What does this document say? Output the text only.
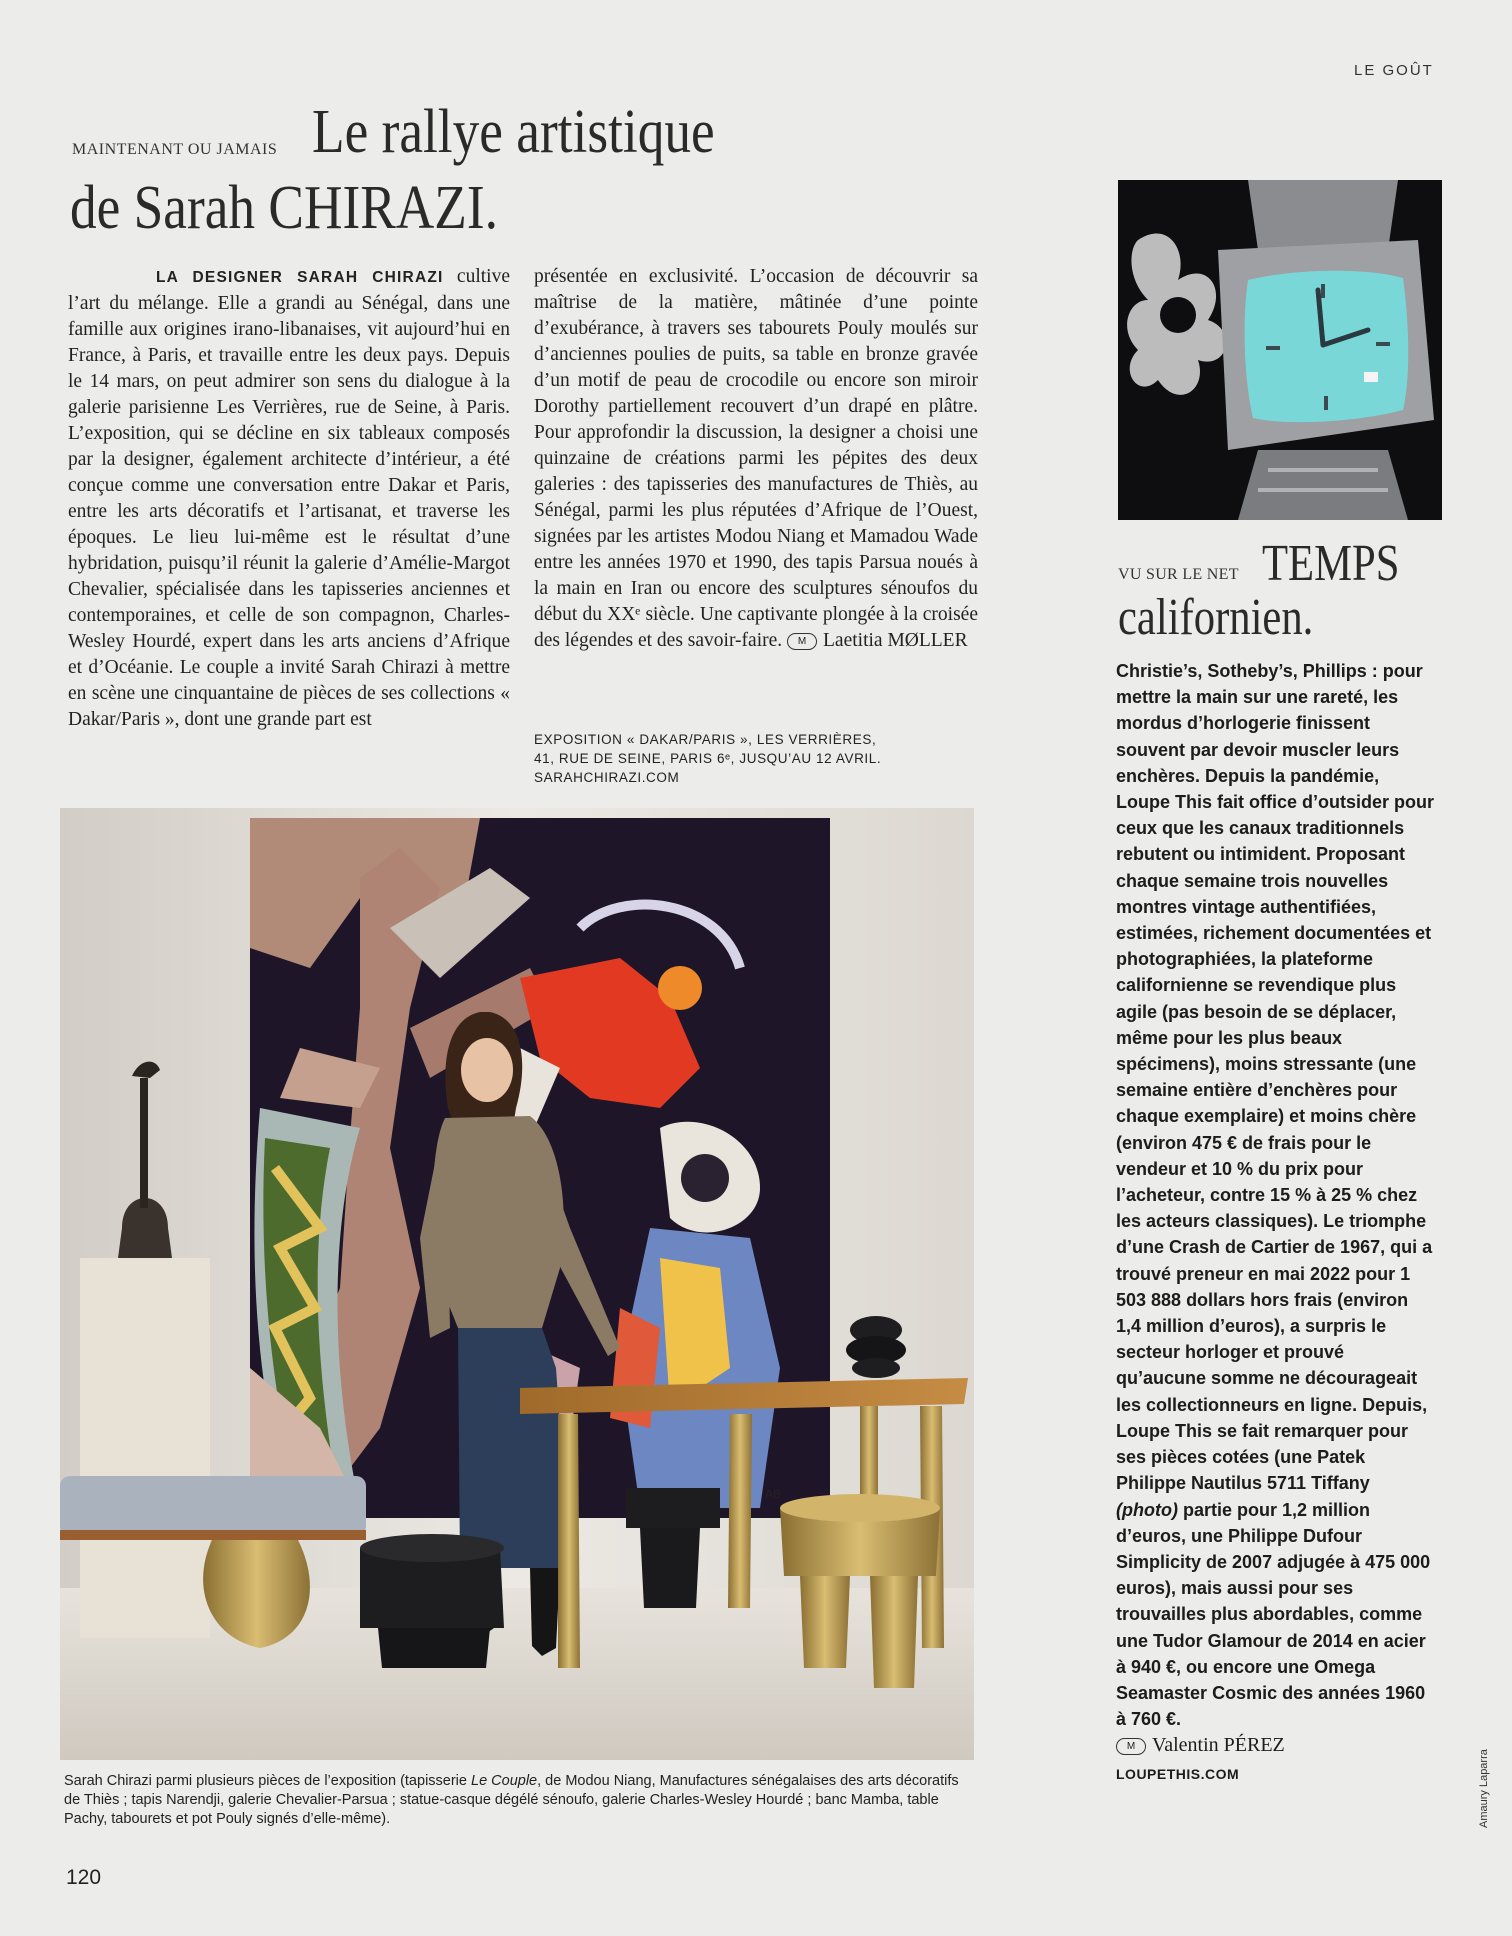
LE GOÛT
MAINTENANT OU JAMAIS Le rallye artistique
de Sarah CHIRAZI.

LA DESIGNER SARAH CHIRAZI cultive l’art du mélange. Elle a grandi au Sénégal, dans une famille aux origines irano-libanaises, vit aujourd’hui en France, à Paris, et travaille entre les deux pays. Depuis le 14 mars, on peut admirer son sens du dialogue à la galerie parisienne Les Verrières, rue de Seine, à Paris. L’exposition, qui se décline en six tableaux composés par la designer, également architecte d’intérieur, a été conçue comme une conversation entre Dakar et Paris, entre les arts décoratifs et l’artisanat, et traverse les époques. Le lieu lui-même est le résultat d’une hybridation, puisqu’il réunit la galerie d’Amélie-Margot Chevalier, spécialisée dans les tapisseries anciennes et contemporaines, et celle de son compagnon, Charles-Wesley Hourdé, expert dans les arts anciens d’Afrique et d’Océanie. Le couple a invité Sarah Chirazi à mettre en scène une cinquantaine de pièces de ses collections « Dakar/Paris », dont une grande part est

présentée en exclusivité. L’occasion de découvrir sa maîtrise de la matière, mâtinée d’une pointe d’exubérance, à travers ses tabourets Pouly moulés sur d’anciennes poulies de puits, sa table en bronze gravée d’un motif de peau de crocodile ou encore son miroir Dorothy partiellement recouvert d’un drapé en plâtre. Pour approfondir la discussion, la designer a choisi une quinzaine de créations parmi les pépites des deux galeries : des tapisseries des manufactures de Thiès, au Sénégal, parmi les plus réputées d’Afrique de l’Ouest, signées par les artistes Modou Niang et Mamadou Wade entre les années 1970 et 1990, des tapis Parsua noués à la main en Iran ou encore des sculptures sénoufos du début du XXᵉ siècle. Une captivante plongée à la croisée des légendes et des savoir-faire. M Laetitia MØLLER

EXPOSITION « DAKAR/PARIS », LES VERRIÈRES,
41, RUE DE SEINE, PARIS 6ᵉ, JUSQU’AU 12 AVRIL.
SARAHCHIRAZI.COM
AB
Sarah Chirazi parmi plusieurs pièces de l’exposition (tapisserie Le Couple, de Modou Niang, Manufactures sénégalaises des arts décoratifs de Thiès ; tapis Narendji, galerie Chevalier-Parsua ; statue-casque dégélé sénoufo, galerie Charles-Wesley Hourdé ; banc Mamba, table Pachy, tabourets et pot Pouly signés d’elle-même).
120
VU SUR LE NET TEMPS
californien.

Christie’s, Sotheby’s, Phillips : pour mettre la main sur une rareté, les mordus d’horlogerie finissent souvent par devoir muscler leurs enchères. Depuis la pandémie, Loupe This fait office d’outsider pour ceux que les canaux traditionnels rebutent ou intimident. Proposant chaque semaine trois nouvelles montres vintage authentifiées, estimées, richement documentées et photographiées, la plateforme californienne se revendique plus agile (pas besoin de se déplacer, même pour les plus beaux spécimens), moins stressante (une semaine entière d’enchères pour chaque exemplaire) et moins chère (environ 475 € de frais pour le vendeur et 10 % du prix pour l’acheteur, contre 15 % à 25 % chez les acteurs classiques). Le triomphe d’une Crash de Cartier de 1967, qui a trouvé preneur en mai 2022 pour 1 503 888 dollars hors frais (environ 1,4 million d’euros), a surpris le secteur horloger et prouvé qu’aucune somme ne décourageait les collectionneurs en ligne. Depuis, Loupe This se fait remarquer pour ses pièces cotées (une Patek Philippe Nautilus 5711 Tiffany (photo) partie pour 1,2 million d’euros, une Philippe Dufour Simplicity de 2007 adjugée à 475 000 euros), mais aussi pour ses trouvailles plus abordables, comme une Tudor Glamour de 2014 en acier à 940 €, ou encore une Omega Seamaster Cosmic des années 1960 à 760 €.

M Valentin PÉREZ

LOUPETHIS.COM	Amaury Laparra
